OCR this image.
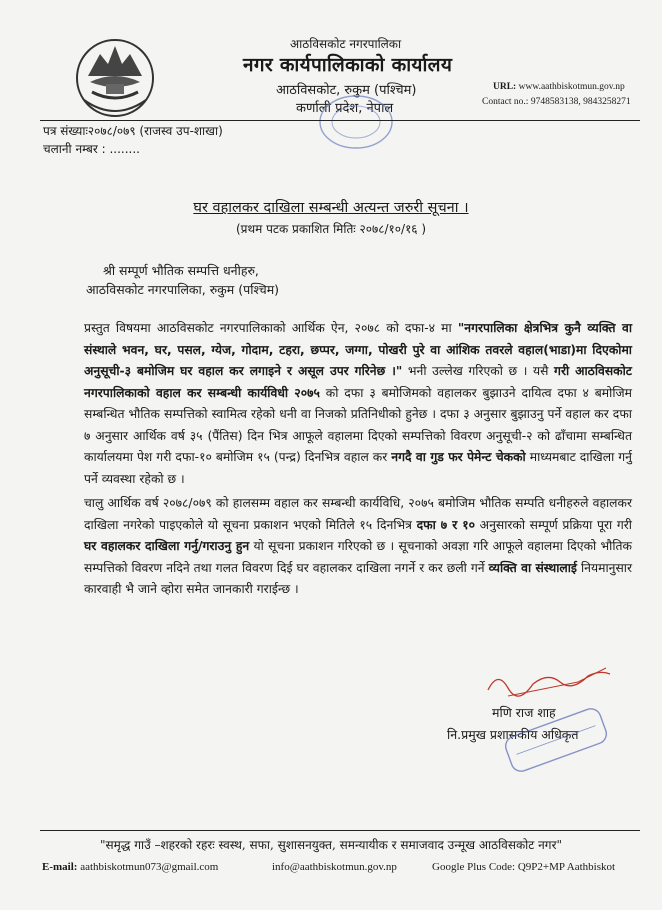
आठविसकोट नगरपालिका
नगर कार्यपालिकाको कार्यालय
आठविसकोट, रुकुम (पश्चिम)
कर्णाली प्रदेश, नेपाल
URL: www.aathbiskotmun.gov.np
Contact no.: 9748583138, 9843258271
पत्र संख्याः२०७८/०७९ (राजस्व उप-शाखा)
चलानी नम्बर : ........
घर वहालकर दाखिला सम्बन्धी अत्यन्त जरुरी सूचना ।
(प्रथम पटक प्रकाशित मितिः २०७८/१०/१६ )
श्री सम्पूर्ण भौतिक सम्पत्ति धनीहरु,
आठविसकोट नगरपालिका, रुकुम (पश्चिम)

प्रस्तुत विषयमा आठविसकोट नगरपालिकाको आर्थिक ऐन, २०७८ को दफा-४ मा "नगरपालिका क्षेत्रभित्र कुनै व्यक्ति वा संस्थाले भवन, घर, पसल, ग्येज, गोदाम, टहरा, छप्पर, जग्गा, पोखरी पुरे वा आंशिक तवरले वहाल(भाडा)मा दिएकोमा अनुसूची-३ बमोजिम घर वहाल कर लगाइने र असूल उपर गरिनेछ ।" भनी उल्लेख गरिएको छ । यसै गरी आठविसकोट नगरपालिकाको वहाल कर सम्बन्धी कार्यविधी २०७५ को दफा ३ बमोजिमको वहालकर बुझाउने दायित्व दफा ४ बमोजिम सम्बन्धित भौतिक सम्पत्तिको स्वामित्व रहेको धनी वा निजको प्रतिनिधीको हुनेछ । दफा ३ अनुसार बुझाउनु पर्ने वहाल कर दफा ७ अनुसार आर्थिक वर्ष ३५ (पैंतिस) दिन भित्र आफूले वहालमा दिएको सम्पत्तिको विवरण अनुसूची-२ को ढाँचामा सम्बन्धित कार्यालयमा पेश गरी दफा-१० बमोजिम १५ (पन्द्र) दिनभित्र वहाल कर नगदै वा गुड फर पेमेन्ट चेकको माध्यमबाट दाखिला गर्नु पर्ने व्यवस्था रहेको छ ।

चालु आर्थिक वर्ष २०७८/०७९ को हालसम्म वहाल कर सम्बन्धी कार्यविधि, २०७५ बमोजिम भौतिक सम्पति धनीहरुले वहालकर दाखिला नगरेको पाइएकोले यो सूचना प्रकाशन भएको मितिले १५ दिनभित्र दफा ७ र १० अनुसारको सम्पूर्ण प्रक्रिया पूरा गरी घर वहालकर दाखिला गर्नु/गराउनु हुन यो सूचना प्रकाशन गरिएको छ । सूचनाको अवज्ञा गरि आफूले वहालमा दिएको भौतिक सम्पत्तिको विवरण नदिने तथा गलत विवरण दिई घर वहालकर दाखिला नगर्ने र कर छली गर्ने व्यक्ति वा संस्थालाई नियमानुसार कारवाही भै जाने व्होरा समेत जानकारी गराईन्छ ।

मणि राज शाह
नि.प्रमुख प्रशासकीय अधिकृत
"समृद्ध गाउँ –शहरको रहरः स्वस्थ, सफा, सुशासनयुक्त, समन्यायीक र समाजवाद उन्मूख आठविसकोट नगर"
E-mail: aathbiskotmun073@gmail.com	info@aathbiskotmun.gov.np	Google Plus Code: Q9P2+MP Aathbiskot
